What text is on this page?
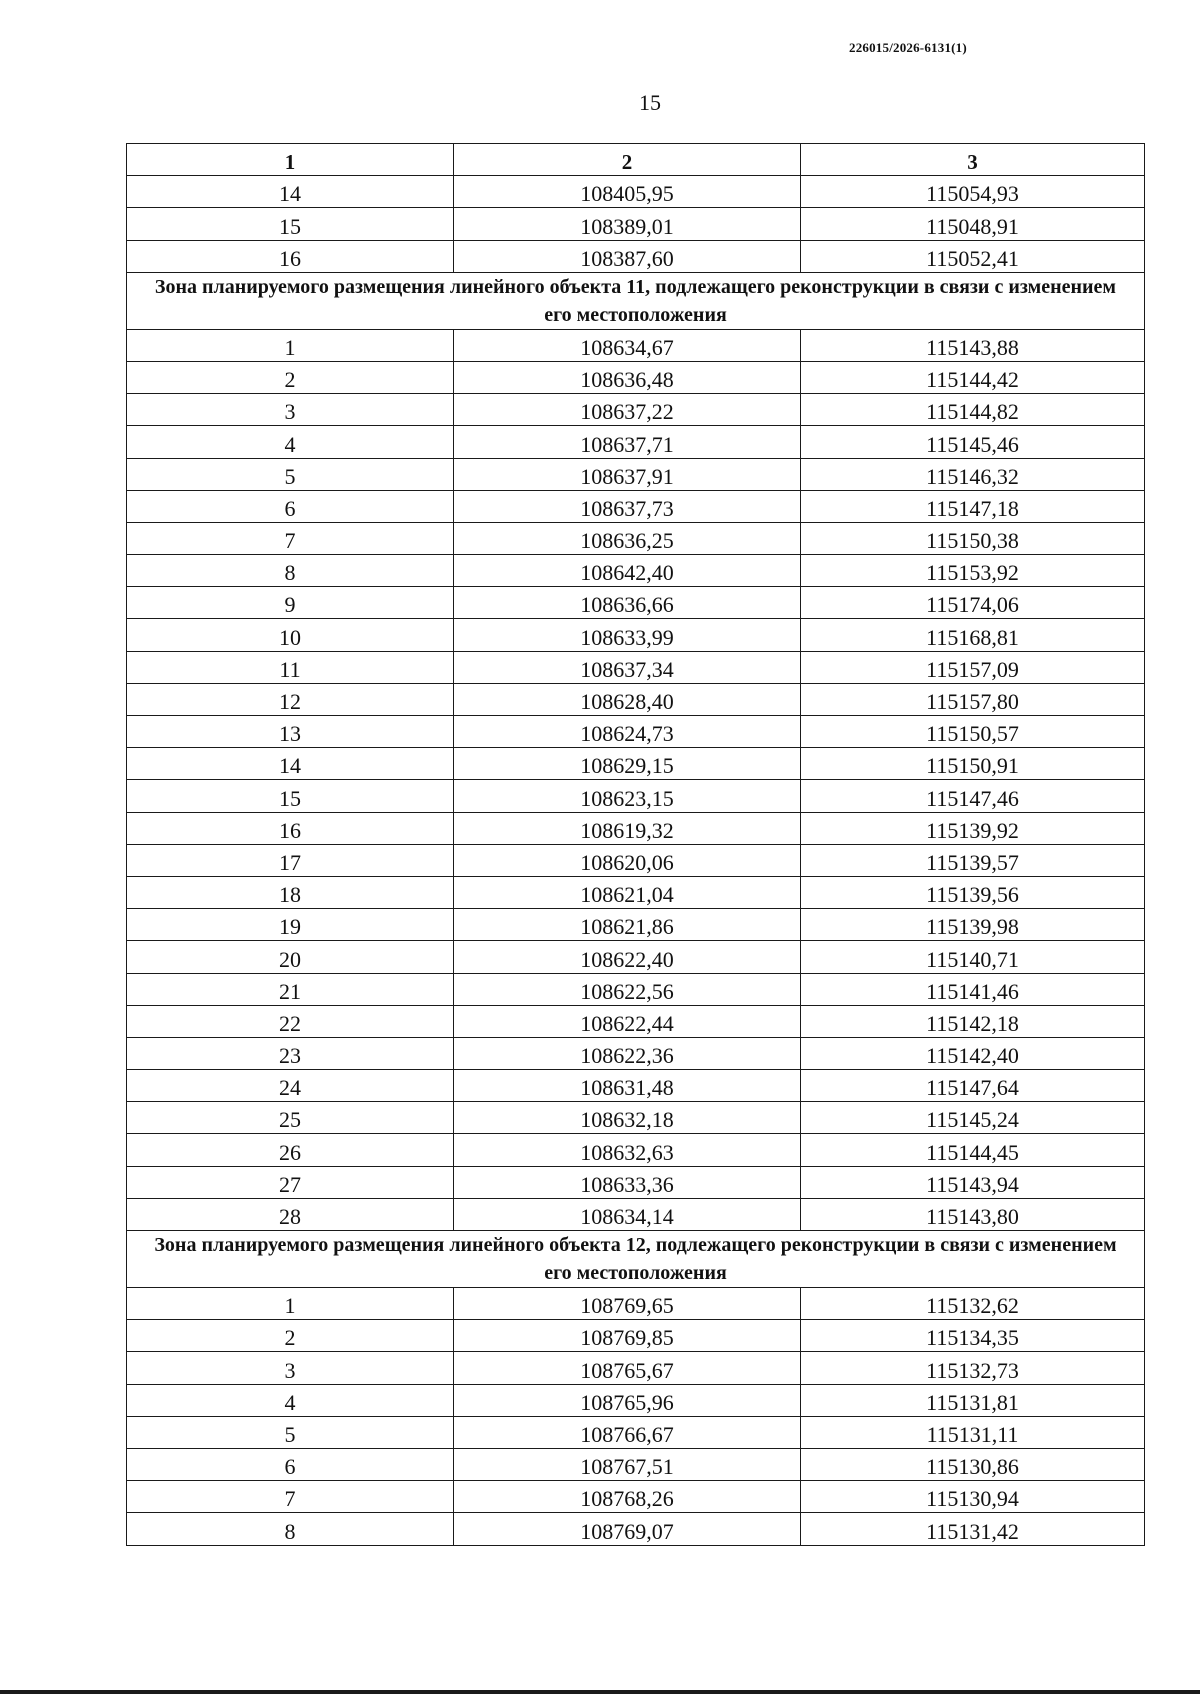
226015/2026-6131(1)
15
1	2	3
14	108405,95	115054,93
15	108389,01	115048,91
16	108387,60	115052,41
Зона планируемого размещения линейного объекта 11, подлежащего реконструкции в связи с изменением его местоположения		
1	108634,67	115143,88
2	108636,48	115144,42
3	108637,22	115144,82
4	108637,71	115145,46
5	108637,91	115146,32
6	108637,73	115147,18
7	108636,25	115150,38
8	108642,40	115153,92
9	108636,66	115174,06
10	108633,99	115168,81
11	108637,34	115157,09
12	108628,40	115157,80
13	108624,73	115150,57
14	108629,15	115150,91
15	108623,15	115147,46
16	108619,32	115139,92
17	108620,06	115139,57
18	108621,04	115139,56
19	108621,86	115139,98
20	108622,40	115140,71
21	108622,56	115141,46
22	108622,44	115142,18
23	108622,36	115142,40
24	108631,48	115147,64
25	108632,18	115145,24
26	108632,63	115144,45
27	108633,36	115143,94
28	108634,14	115143,80
Зона планируемого размещения линейного объекта 12, подлежащего реконструкции в связи с изменением его местоположения		
1	108769,65	115132,62
2	108769,85	115134,35
3	108765,67	115132,73
4	108765,96	115131,81
5	108766,67	115131,11
6	108767,51	115130,86
7	108768,26	115130,94
8	108769,07	115131,42
